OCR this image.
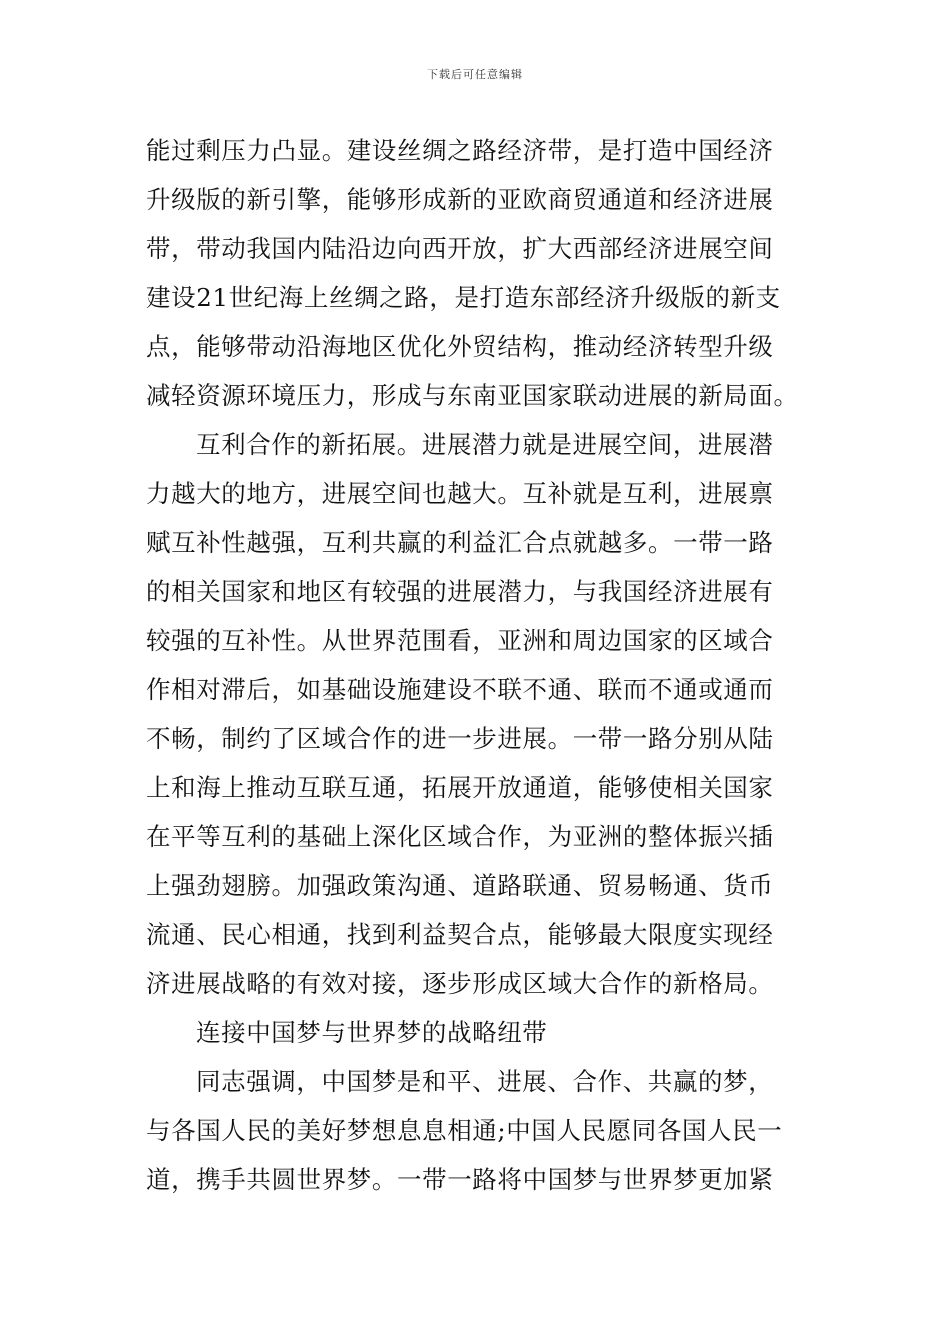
下载后可任意编辑
能过剩压力凸显。建设丝绸之路经济带，是打造中国经济
升级版的新引擎，能够形成新的亚欧商贸通道和经济进展
带，带动我国内陆沿边向西开放，扩大西部经济进展空间
建设21世纪海上丝绸之路，是打造东部经济升级版的新支
点，能够带动沿海地区优化外贸结构，推动经济转型升级
减轻资源环境压力，形成与东南亚国家联动进展的新局面。
互利合作的新拓展。进展潜力就是进展空间，进展潜
力越大的地方，进展空间也越大。互补就是互利，进展禀
赋互补性越强，互利共赢的利益汇合点就越多。一带一路
的相关国家和地区有较强的进展潜力，与我国经济进展有
较强的互补性。从世界范围看，亚洲和周边国家的区域合
作相对滞后，如基础设施建设不联不通、联而不通或通而
不畅，制约了区域合作的进一步进展。一带一路分别从陆
上和海上推动互联互通，拓展开放通道，能够使相关国家
在平等互利的基础上深化区域合作，为亚洲的整体振兴插
上强劲翅膀。加强政策沟通、道路联通、贸易畅通、货币
流通、民心相通，找到利益契合点，能够最大限度实现经
济进展战略的有效对接，逐步形成区域大合作的新格局。
连接中国梦与世界梦的战略纽带
同志强调，中国梦是和平、进展、合作、共赢的梦，
与各国人民的美好梦想息息相通;中国人民愿同各国人民一
道，携手共圆世界梦。一带一路将中国梦与世界梦更加紧
